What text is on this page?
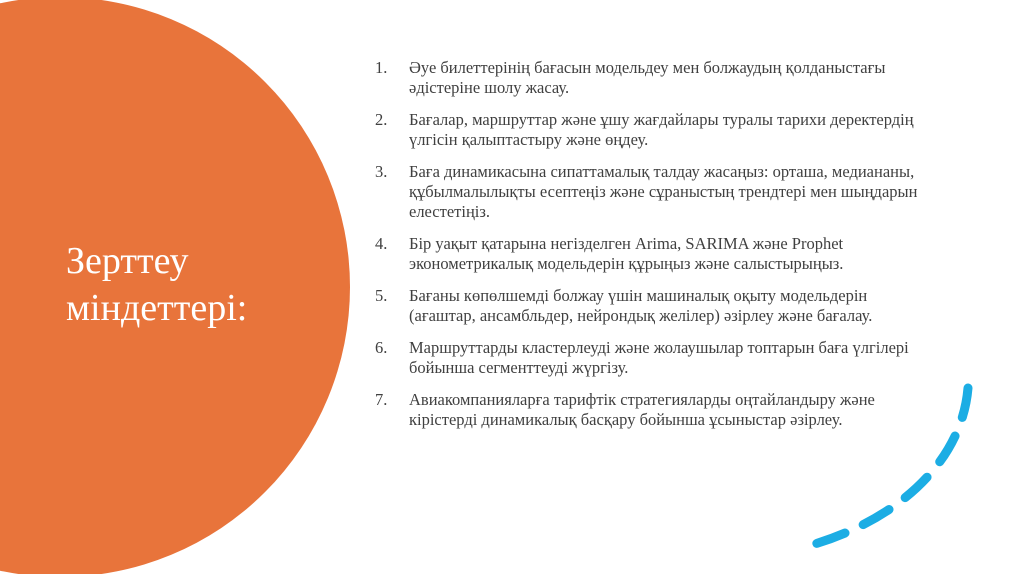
Зерттеу
міндеттері:
1.	Әуе билеттерінің бағасын модельдеу мен болжаудың қолданыстағы әдістеріне шолу жасау.
2.	Бағалар, маршруттар және ұшу жағдайлары туралы тарихи деректердің үлгісін қалыптастыру және өңдеу.
3.	Баға динамикасына сипаттамалық талдау жасаңыз: орташа, медиананы, құбылмалылықты есептеңіз және сұраныстың трендтері мен шыңдарын елестетіңіз.
4.	Бір уақыт қатарына негізделген Arima, SARIMA және Prophet эконометрикалық модельдерін құрыңыз және салыстырыңыз.
5.	Бағаны көпөлшемді болжау үшін машиналық оқыту модельдерін (ағаштар, ансамбльдер, нейрондық желілер) әзірлеу және бағалау.
6.	Маршруттарды кластерлеуді және жолаушылар топтарын баға үлгілері бойынша сегменттеуді жүргізу.
7.	Авиакомпанияларға тарифтік стратегияларды оңтайландыру және кірістерді динамикалық басқару бойынша ұсыныстар әзірлеу.
